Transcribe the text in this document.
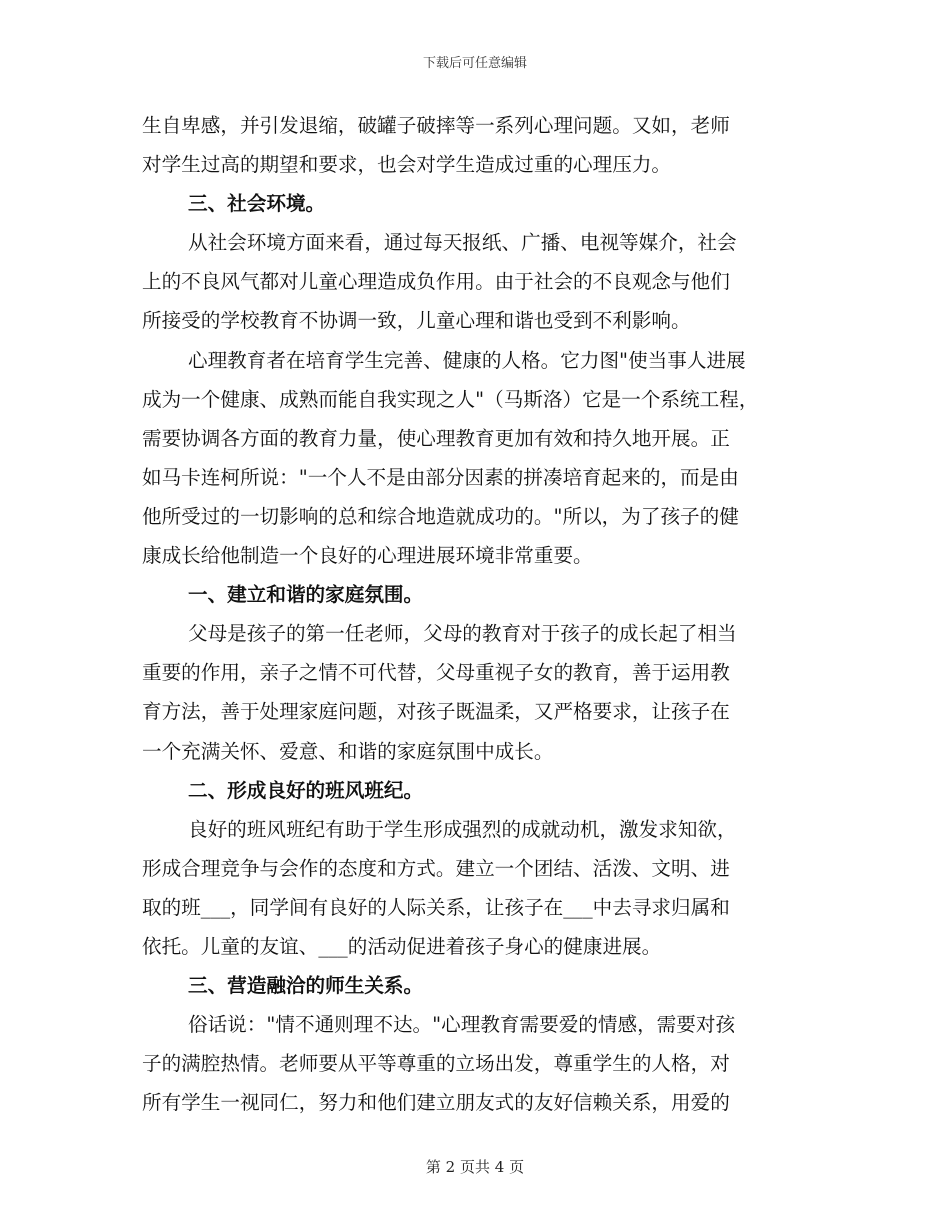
下载后可任意编辑
生自卑感，并引发退缩，破罐子破摔等一系列心理问题。又如，老师
对学生过高的期望和要求，也会对学生造成过重的心理压力。
三、社会环境。
从社会环境方面来看，通过每天报纸、广播、电视等媒介，社会
上的不良风气都对儿童心理造成负作用。由于社会的不良观念与他们
所接受的学校教育不协调一致，儿童心理和谐也受到不利影响。
心理教育者在培育学生完善、健康的人格。它力图"使当事人进展
成为一个健康、成熟而能自我实现之人"（马斯洛）它是一个系统工程，
需要协调各方面的教育力量，使心理教育更加有效和持久地开展。正
如马卡连柯所说："一个人不是由部分因素的拼凑培育起来的，而是由
他所受过的一切影响的总和综合地造就成功的。"所以，为了孩子的健
康成长给他制造一个良好的心理进展环境非常重要。
一、建立和谐的家庭氛围。
父母是孩子的第一任老师，父母的教育对于孩子的成长起了相当
重要的作用，亲子之情不可代替，父母重视子女的教育，善于运用教
育方法，善于处理家庭问题，对孩子既温柔，又严格要求，让孩子在
一个充满关怀、爱意、和谐的家庭氛围中成长。
二、形成良好的班风班纪。
良好的班风班纪有助于学生形成强烈的成就动机，激发求知欲，
形成合理竞争与会作的态度和方式。建立一个团结、活泼、文明、进
取的班___，同学间有良好的人际关系，让孩子在___中去寻求归属和
依托。儿童的友谊、___的活动促进着孩子身心的健康进展。
三、营造融洽的师生关系。
俗话说："情不通则理不达。"心理教育需要爱的情感，需要对孩
子的满腔热情。老师要从平等尊重的立场出发，尊重学生的人格，对
所有学生一视同仁，努力和他们建立朋友式的友好信赖关系，用爱的
第 2 页共 4 页
